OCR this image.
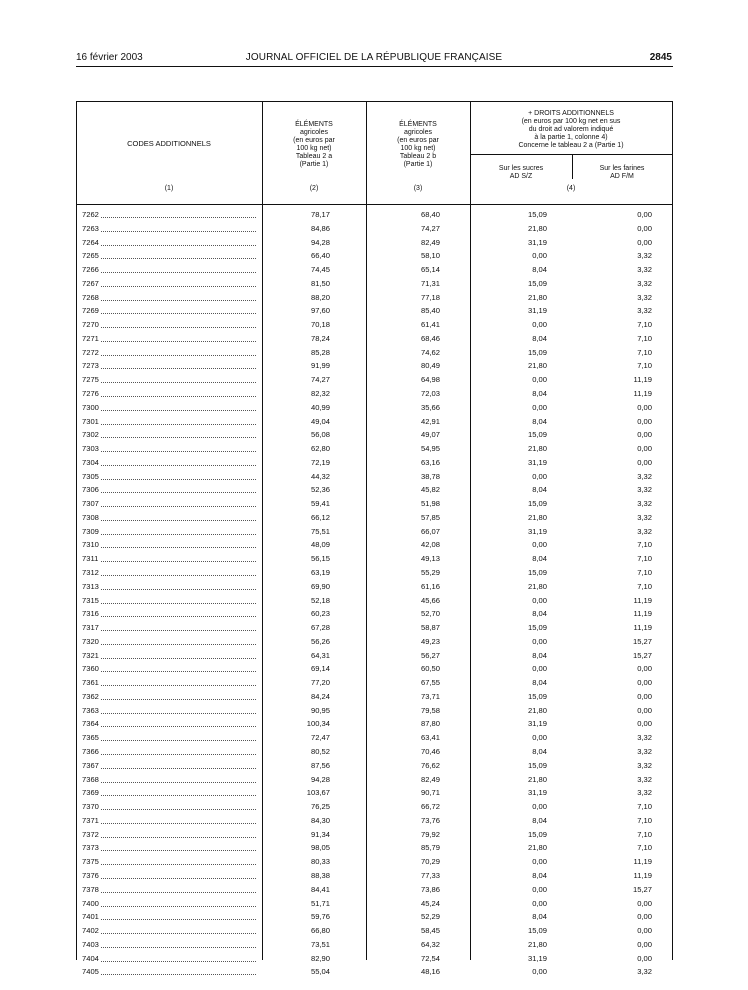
16 février 2003	JOURNAL OFFICIEL DE LA RÉPUBLIQUE FRANÇAISE	2845
CODES ADDITIONNELS
ÉLÉMENTS
agricoles
(en euros par
100 kg net)
Tableau 2 a
(Partie 1)
ÉLÉMENTS
agricoles
(en euros par
100 kg net)
Tableau 2 b
(Partie 1)
+ DROITS ADDITIONNELS
(en euros par 100 kg net en sus
du droit ad valorem indiqué
à la partie 1, colonne 4)
Concerne le tableau 2 a (Partie 1)
Sur les sucres
AD S/Z
Sur les farines
AD F/M
(1)	(2)	(3)	(4)
7262	78,17	68,40	15,09	0,00
7263	84,86	74,27	21,80	0,00
7264	94,28	82,49	31,19	0,00
7265	66,40	58,10	0,00	3,32
7266	74,45	65,14	8,04	3,32
7267	81,50	71,31	15,09	3,32
7268	88,20	77,18	21,80	3,32
7269	97,60	85,40	31,19	3,32
7270	70,18	61,41	0,00	7,10
7271	78,24	68,46	8,04	7,10
7272	85,28	74,62	15,09	7,10
7273	91,99	80,49	21,80	7,10
7275	74,27	64,98	0,00	11,19
7276	82,32	72,03	8,04	11,19
7300	40,99	35,66	0,00	0,00
7301	49,04	42,91	8,04	0,00
7302	56,08	49,07	15,09	0,00
7303	62,80	54,95	21,80	0,00
7304	72,19	63,16	31,19	0,00
7305	44,32	38,78	0,00	3,32
7306	52,36	45,82	8,04	3,32
7307	59,41	51,98	15,09	3,32
7308	66,12	57,85	21,80	3,32
7309	75,51	66,07	31,19	3,32
7310	48,09	42,08	0,00	7,10
7311	56,15	49,13	8,04	7,10
7312	63,19	55,29	15,09	7,10
7313	69,90	61,16	21,80	7,10
7315	52,18	45,66	0,00	11,19
7316	60,23	52,70	8,04	11,19
7317	67,28	58,87	15,09	11,19
7320	56,26	49,23	0,00	15,27
7321	64,31	56,27	8,04	15,27
7360	69,14	60,50	0,00	0,00
7361	77,20	67,55	8,04	0,00
7362	84,24	73,71	15,09	0,00
7363	90,95	79,58	21,80	0,00
7364	100,34	87,80	31,19	0,00
7365	72,47	63,41	0,00	3,32
7366	80,52	70,46	8,04	3,32
7367	87,56	76,62	15,09	3,32
7368	94,28	82,49	21,80	3,32
7369	103,67	90,71	31,19	3,32
7370	76,25	66,72	0,00	7,10
7371	84,30	73,76	8,04	7,10
7372	91,34	79,92	15,09	7,10
7373	98,05	85,79	21,80	7,10
7375	80,33	70,29	0,00	11,19
7376	88,38	77,33	8,04	11,19
7378	84,41	73,86	0,00	15,27
7400	51,71	45,24	0,00	0,00
7401	59,76	52,29	8,04	0,00
7402	66,80	58,45	15,09	0,00
7403	73,51	64,32	21,80	0,00
7404	82,90	72,54	31,19	0,00
7405	55,04	48,16	0,00	3,32
